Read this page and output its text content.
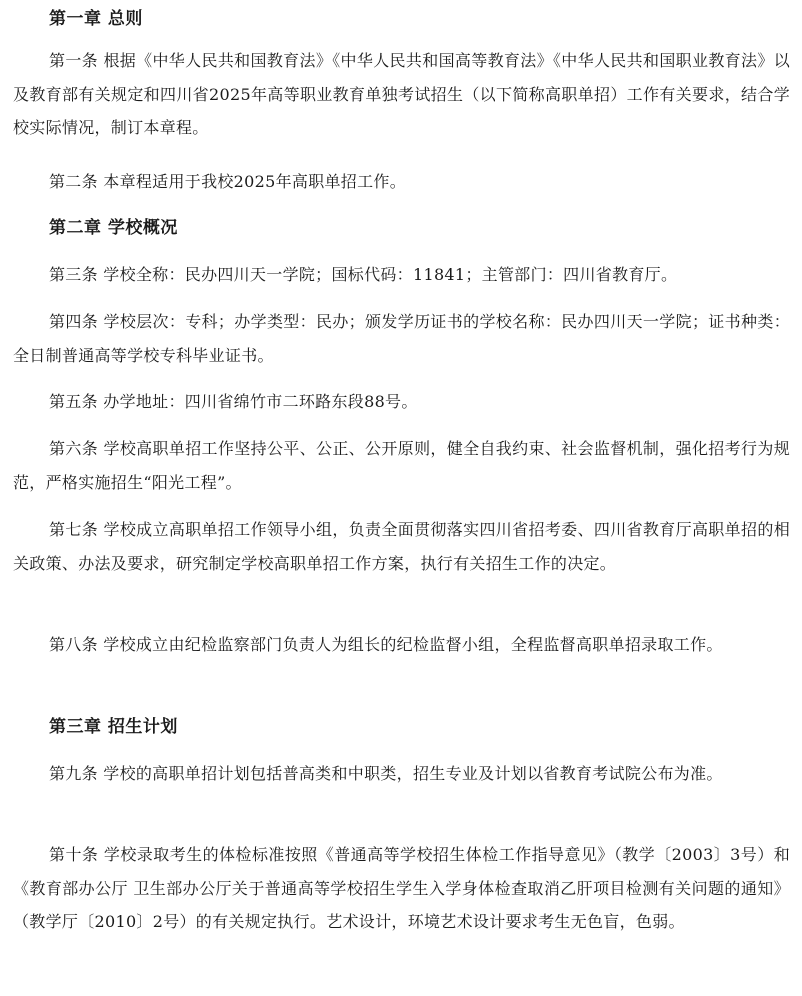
第一章 总则

第一条 根据《中华人民共和国教育法》《中华人民共和国高等教育法》《中华人民共和国职业教育法》以及教育部有关规定和四川省2025年高等职业教育单独考试招生（以下简称高职单招）工作有关要求，结合学校实际情况，制订本章程。

第二条 本章程适用于我校2025年高职单招工作。

第二章 学校概况

第三条 学校全称：民办四川天一学院；国标代码：11841；主管部门：四川省教育厅。

第四条 学校层次：专科；办学类型：民办；颁发学历证书的学校名称：民办四川天一学院；证书种类：全日制普通高等学校专科毕业证书。

第五条 办学地址：四川省绵竹市二环路东段88号。

第六条 学校高职单招工作坚持公平、公正、公开原则，健全自我约束、社会监督机制，强化招考行为规范，严格实施招生“阳光工程”。

第七条 学校成立高职单招工作领导小组，负责全面贯彻落实四川省招考委、四川省教育厅高职单招的相关政策、办法及要求，研究制定学校高职单招工作方案，执行有关招生工作的决定。

第八条 学校成立由纪检监察部门负责人为组长的纪检监督小组，全程监督高职单招录取工作。

第三章 招生计划

第九条 学校的高职单招计划包括普高类和中职类，招生专业及计划以省教育考试院公布为准。

第十条 学校录取考生的体检标准按照《普通高等学校招生体检工作指导意见》（教学〔2003〕3号）和《教育部办公厅 卫生部办公厅关于普通高等学校招生学生入学身体检查取消乙肝项目检测有关问题的通知》（教学厅〔2010〕2号）的有关规定执行。艺术设计，环境艺术设计要求考生无色盲，色弱。
